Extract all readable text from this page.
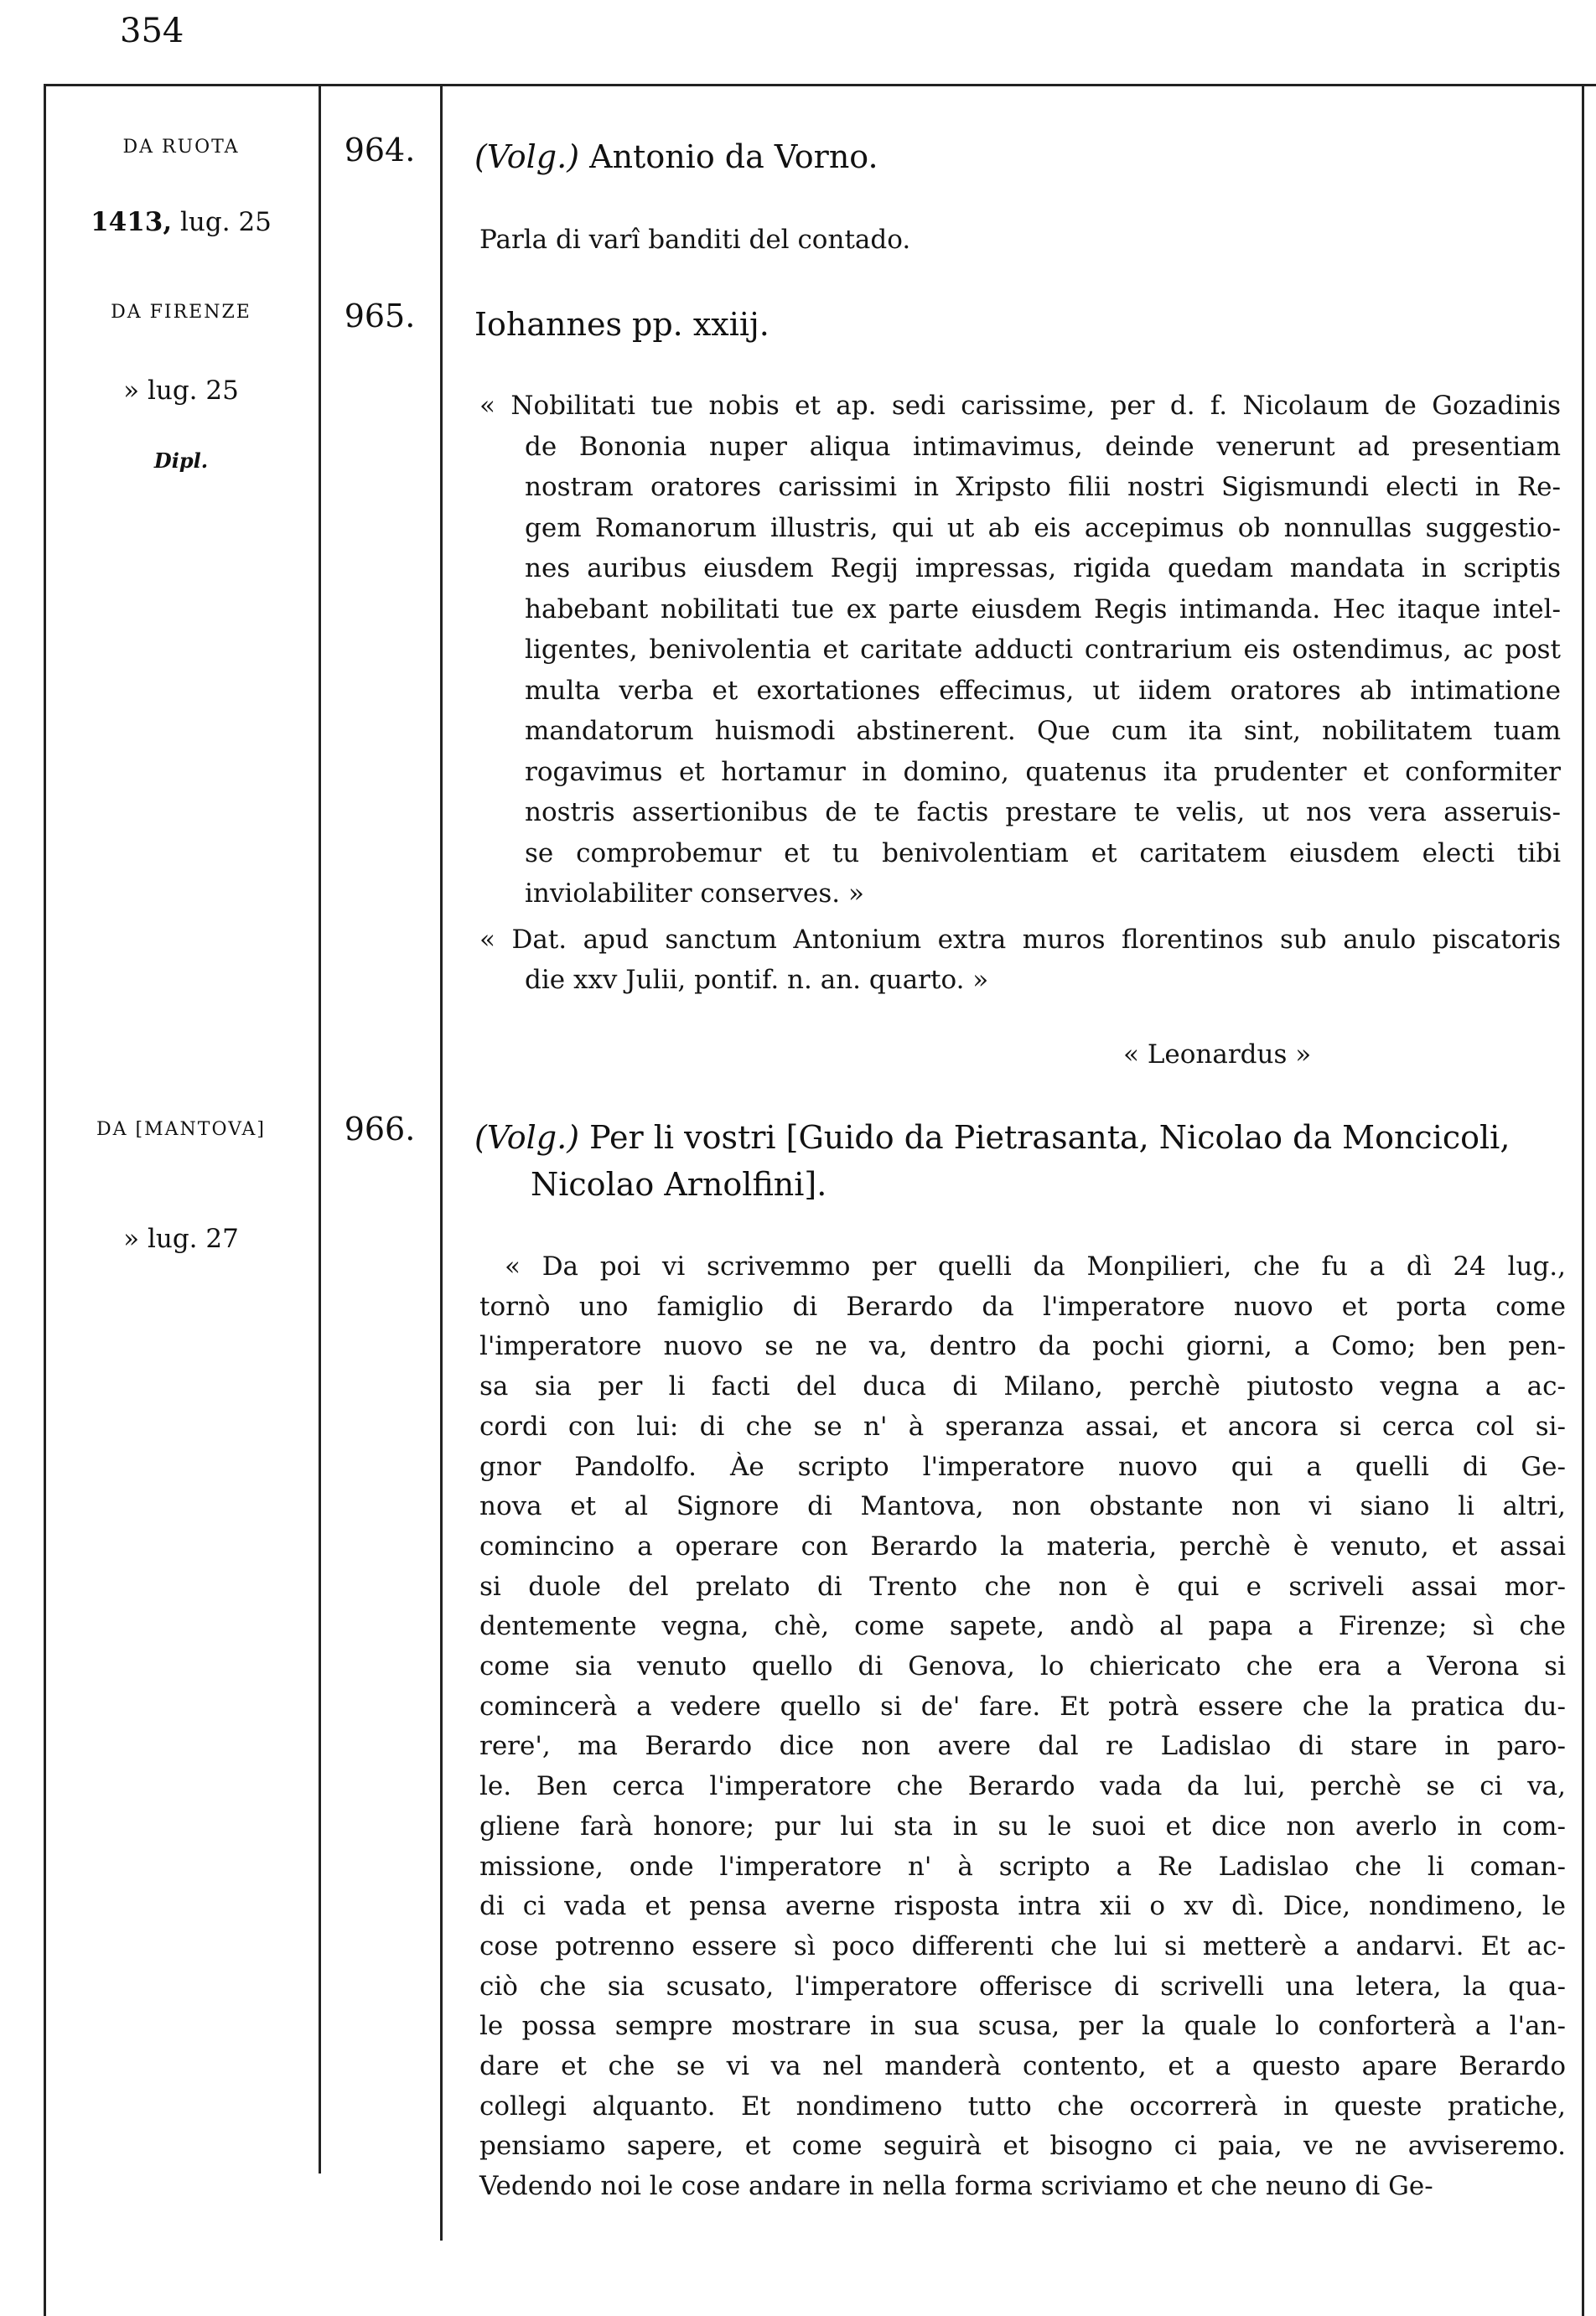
354
DA RUOTA
1413, lug. 25
964.	(Volg.) Antonio da Vorno.
Parla di varî banditi del contado.
DA FIRENZE
» lug. 25
Dipl.
965.	Iohannes pp. xxiij.
« Nobilitati tue nobis et ap. sedi carissime, per d. f. Nicolaum de Gozadinis
de Bononia nuper aliqua intimavimus, deinde venerunt ad presentiam
nostram oratores carissimi in Xripsto filii nostri Sigismundi electi in Re-
gem Romanorum illustris, qui ut ab eis accepimus ob nonnullas suggestio-
nes auribus eiusdem Regij impressas, rigida quedam mandata in scriptis
habebant nobilitati tue ex parte eiusdem Regis intimanda. Hec itaque intel-
ligentes, benivolentia et caritate adducti contrarium eis ostendimus, ac post
multa verba et exortationes effecimus, ut iidem oratores ab intimatione
mandatorum huismodi abstinerent. Que cum ita sint, nobilitatem tuam
rogavimus et hortamur in domino, quatenus ita prudenter et conformiter
nostris assertionibus de te factis prestare te velis, ut nos vera asseruis-
se comprobemur et tu benivolentiam et caritatem eiusdem electi tibi
inviolabiliter conserves. »
« Dat. apud sanctum Antonium extra muros florentinos sub anulo piscatoris
die xxv Julii, pontif. n. an. quarto. »
« Leonardus »
DA [MANTOVA]
» lug. 27
966.	(Volg.) Per li vostri [Guido da Pietrasanta, Nicolao da Moncicoli,
Nicolao Arnolfini].
« Da poi vi scrivemmo per quelli da Monpilieri, che fu a dì 24 lug.,
tornò uno famiglio di Berardo da l'imperatore nuovo et porta come
l'imperatore nuovo se ne va, dentro da pochi giorni, a Como; ben pen-
sa sia per li facti del duca di Milano, perchè piutosto vegna a ac-
cordi con lui: di che se n' à speranza assai, et ancora si cerca col si-
gnor Pandolfo. Àe scripto l'imperatore nuovo qui a quelli di Ge-
nova et al Signore di Mantova, non obstante non vi siano li altri,
comincino a operare con Berardo la materia, perchè è venuto, et assai
si duole del prelato di Trento che non è qui e scriveli assai mor-
dentemente vegna, chè, come sapete, andò al papa a Firenze; sì che
come sia venuto quello di Genova, lo chiericato che era a Verona si
comincerà a vedere quello si de' fare. Et potrà essere che la pratica du-
rere', ma Berardo dice non avere dal re Ladislao di stare in paro-
le. Ben cerca l'imperatore che Berardo vada da lui, perchè se ci va,
gliene farà honore; pur lui sta in su le suoi et dice non averlo in com-
missione, onde l'imperatore n' à scripto a Re Ladislao che li coman-
di ci vada et pensa averne risposta intra xii o xv dì. Dice, nondimeno, le
cose potrenno essere sì poco differenti che lui si metterè a andarvi. Et ac-
ciò che sia scusato, l'imperatore offerisce di scrivelli una letera, la qua-
le possa sempre mostrare in sua scusa, per la quale lo conforterà a l'an-
dare et che se vi va nel manderà contento, et a questo apare Berardo
collegi alquanto. Et nondimeno tutto che occorrerà in queste pratiche,
pensiamo sapere, et come seguirà et bisogno ci paia, ve ne avviseremo.
Vedendo noi le cose andare in nella forma scriviamo et che neuno di Ge-
